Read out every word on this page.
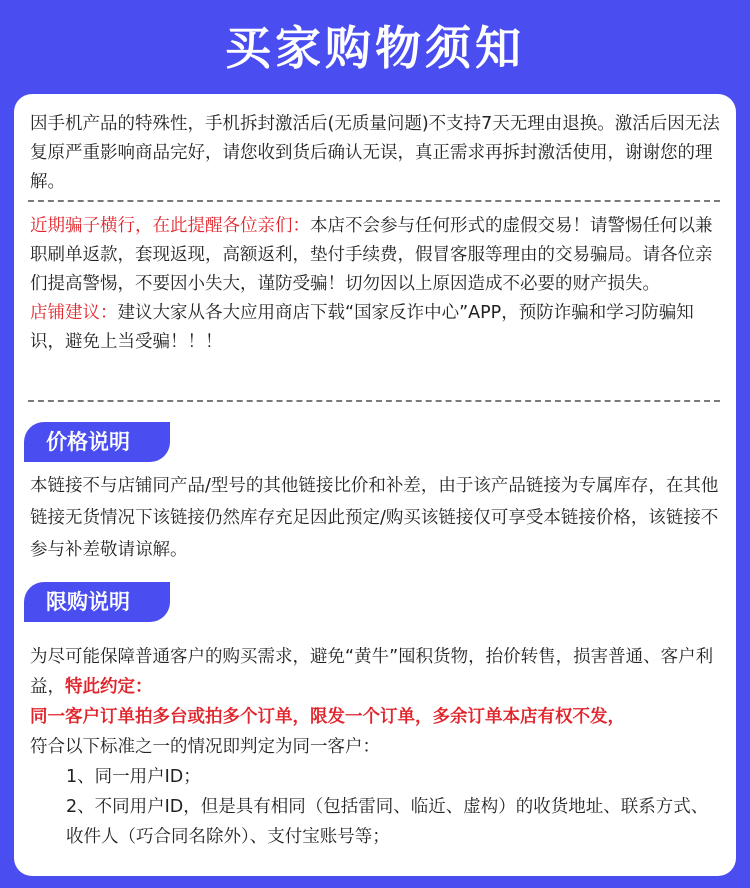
买家购物须知
因手机产品的特殊性，手机拆封激活后(无质量问题)不支持7天无理由退换。激活后因无法复原严重影响商品完好，请您收到货后确认无误，真正需求再拆封激活使用，谢谢您的理解。
近期骗子横行，在此提醒各位亲们：本店不会参与任何形式的虚假交易！请警惕任何以兼职刷单返款，套现返现，高额返利，垫付手续费，假冒客服等理由的交易骗局。请各位亲们提高警惕，不要因小失大，谨防受骗！切勿因以上原因造成不必要的财产损失。
店铺建议：建议大家从各大应用商店下载“国家反诈中心”APP，预防诈骗和学习防骗知识，避免上当受骗！！！
价格说明
本链接不与店铺同产品/型号的其他链接比价和补差，由于该产品链接为专属库存，在其他链接无货情况下该链接仍然库存充足因此预定/购买该链接仅可享受本链接价格，该链接不参与补差敬请谅解。
限购说明
为尽可能保障普通客户的购买需求，避免“黄牛”囤积货物，抬价转售，损害普通、客户利益，特此约定：
同一客户订单拍多台或拍多个订单，限发一个订单，多余订单本店有权不发，
符合以下标准之一的情况即判定为同一客户：
1、同一用户ID；
2、不同用户ID，但是具有相同（包括雷同、临近、虚构）的收货地址、联系方式、收件人（巧合同名除外）、支付宝账号等；
